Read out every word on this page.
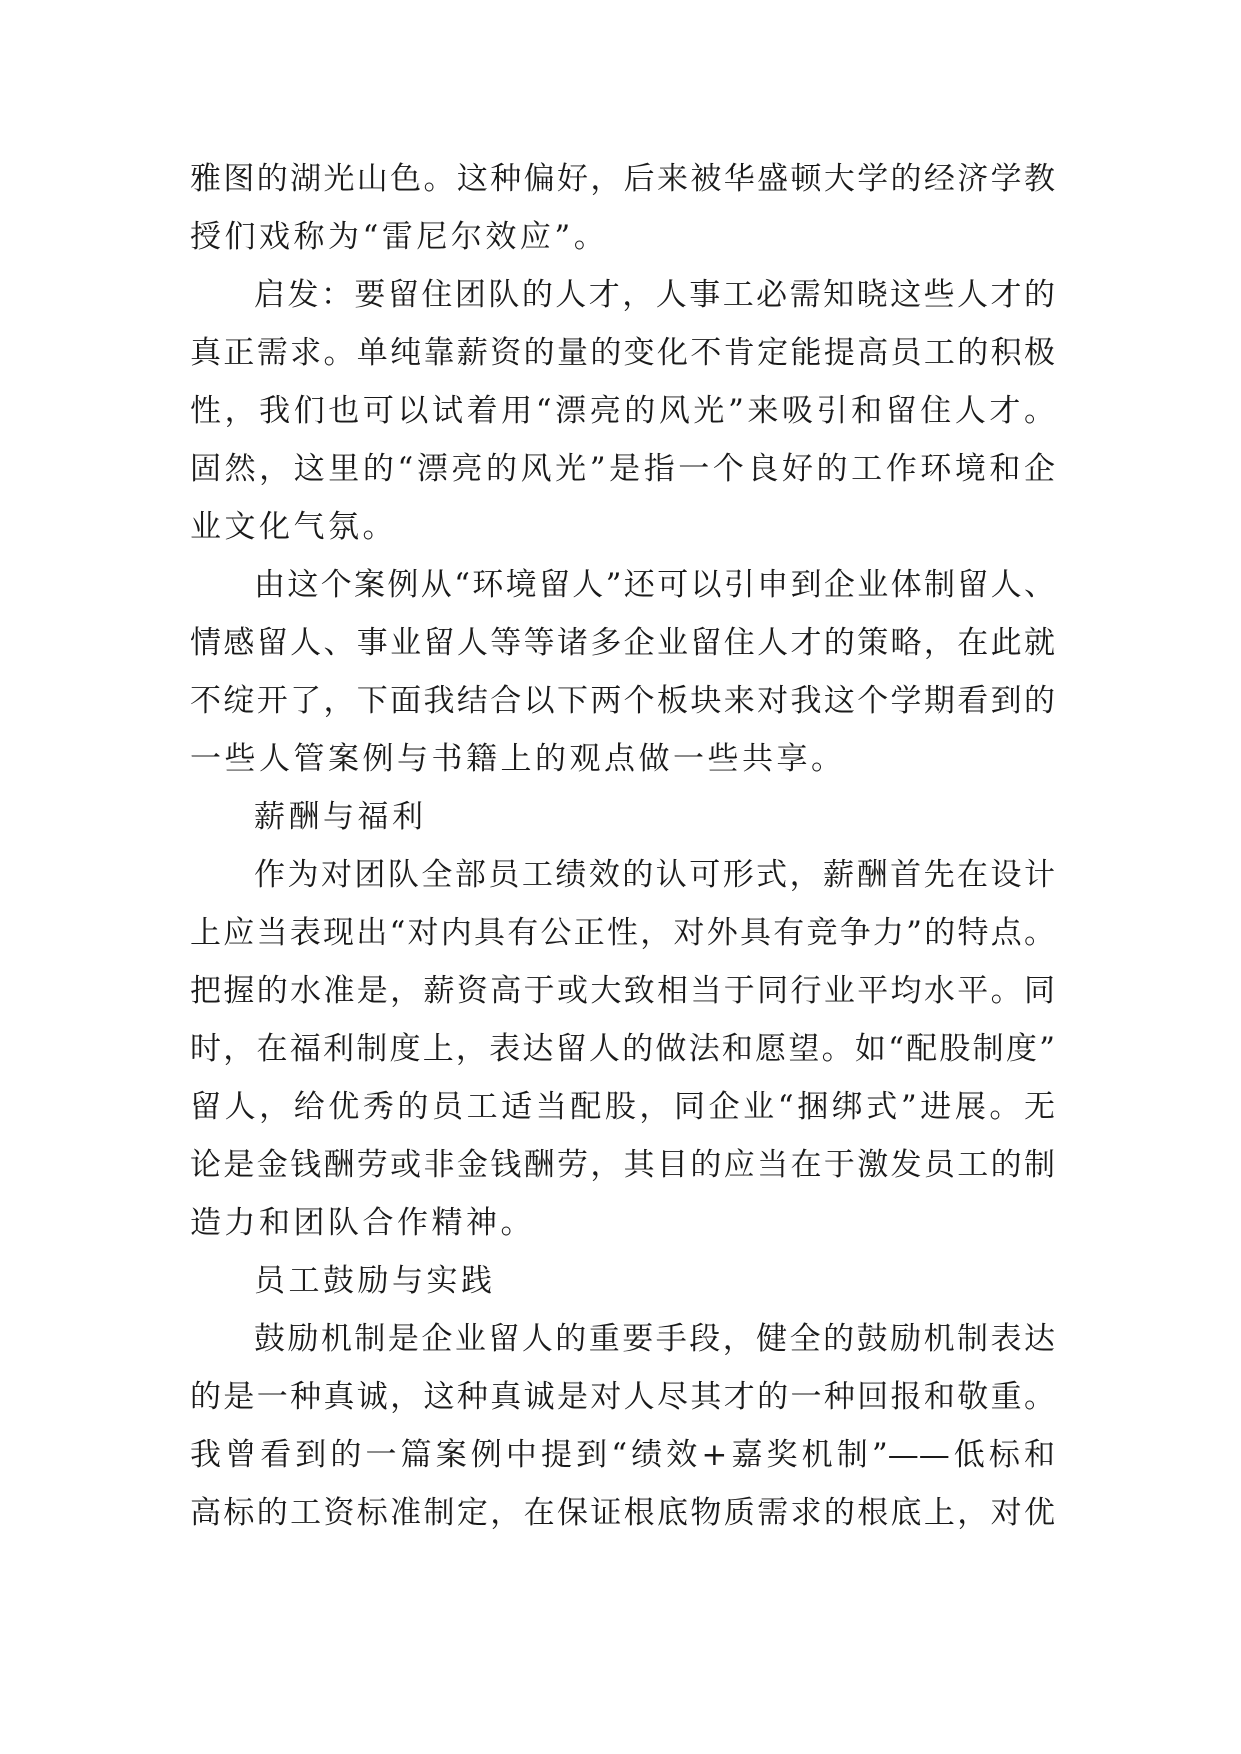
雅图的湖光山色。这种偏好，后来被华盛顿大学的经济学教
授们戏称为“雷尼尔效应”。
启发：要留住团队的人才，人事工必需知晓这些人才的
真正需求。单纯靠薪资的量的变化不肯定能提高员工的积极
性，我们也可以试着用“漂亮的风光”来吸引和留住人才。
固然，这里的“漂亮的风光”是指一个良好的工作环境和企
业文化气氛。
由这个案例从“环境留人”还可以引申到企业体制留人、
情感留人、事业留人等等诸多企业留住人才的策略，在此就
不绽开了，下面我结合以下两个板块来对我这个学期看到的
一些人管案例与书籍上的观点做一些共享。
薪酬与福利
作为对团队全部员工绩效的认可形式，薪酬首先在设计
上应当表现出“对内具有公正性，对外具有竞争力”的特点。
把握的水准是，薪资高于或大致相当于同行业平均水平。同
时，在福利制度上，表达留人的做法和愿望。如“配股制度”
留人，给优秀的员工适当配股，同企业“捆绑式”进展。无
论是金钱酬劳或非金钱酬劳，其目的应当在于激发员工的制
造力和团队合作精神。
员工鼓励与实践
鼓励机制是企业留人的重要手段，健全的鼓励机制表达
的是一种真诚，这种真诚是对人尽其才的一种回报和敬重。
我曾看到的一篇案例中提到“绩效+嘉奖机制”——低标和
高标的工资标准制定，在保证根底物质需求的根底上，对优
